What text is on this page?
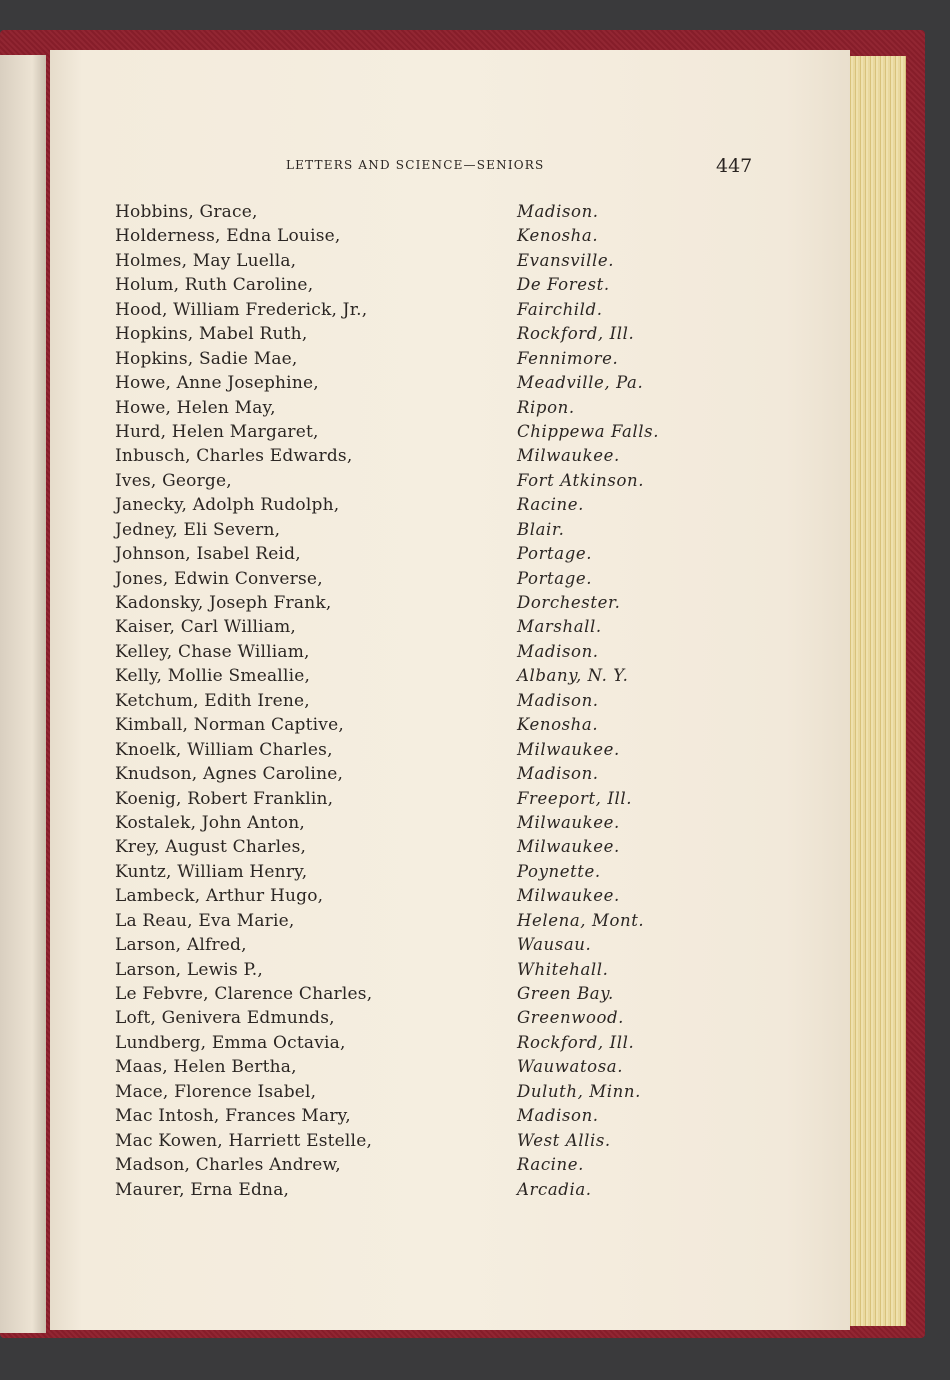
LETTERS AND SCIENCE—SENIORS	447
Hobbins, Grace,	Madison.
Holderness, Edna Louise,	Kenosha.
Holmes, May Luella,	Evansville.
Holum, Ruth Caroline,	De Forest.
Hood, William Frederick, Jr.,	Fairchild.
Hopkins, Mabel Ruth,	Rockford, Ill.
Hopkins, Sadie Mae,	Fennimore.
Howe, Anne Josephine,	Meadville, Pa.
Howe, Helen May,	Ripon.
Hurd, Helen Margaret,	Chippewa Falls.
Inbusch, Charles Edwards,	Milwaukee.
Ives, George,	Fort Atkinson.
Janecky, Adolph Rudolph,	Racine.
Jedney, Eli Severn,	Blair.
Johnson, Isabel Reid,	Portage.
Jones, Edwin Converse,	Portage.
Kadonsky, Joseph Frank,	Dorchester.
Kaiser, Carl William,	Marshall.
Kelley, Chase William,	Madison.
Kelly, Mollie Smeallie,	Albany, N. Y.
Ketchum, Edith Irene,	Madison.
Kimball, Norman Captive,	Kenosha.
Knoelk, William Charles,	Milwaukee.
Knudson, Agnes Caroline,	Madison.
Koenig, Robert Franklin,	Freeport, Ill.
Kostalek, John Anton,	Milwaukee.
Krey, August Charles,	Milwaukee.
Kuntz, William Henry,	Poynette.
Lambeck, Arthur Hugo,	Milwaukee.
La Reau, Eva Marie,	Helena, Mont.
Larson, Alfred,	Wausau.
Larson, Lewis P.,	Whitehall.
Le Febvre, Clarence Charles,	Green Bay.
Loft, Genivera Edmunds,	Greenwood.
Lundberg, Emma Octavia,	Rockford, Ill.
Maas, Helen Bertha,	Wauwatosa.
Mace, Florence Isabel,	Duluth, Minn.
Mac Intosh, Frances Mary,	Madison.
Mac Kowen, Harriett Estelle,	West Allis.
Madson, Charles Andrew,	Racine.
Maurer, Erna Edna,	Arcadia.
